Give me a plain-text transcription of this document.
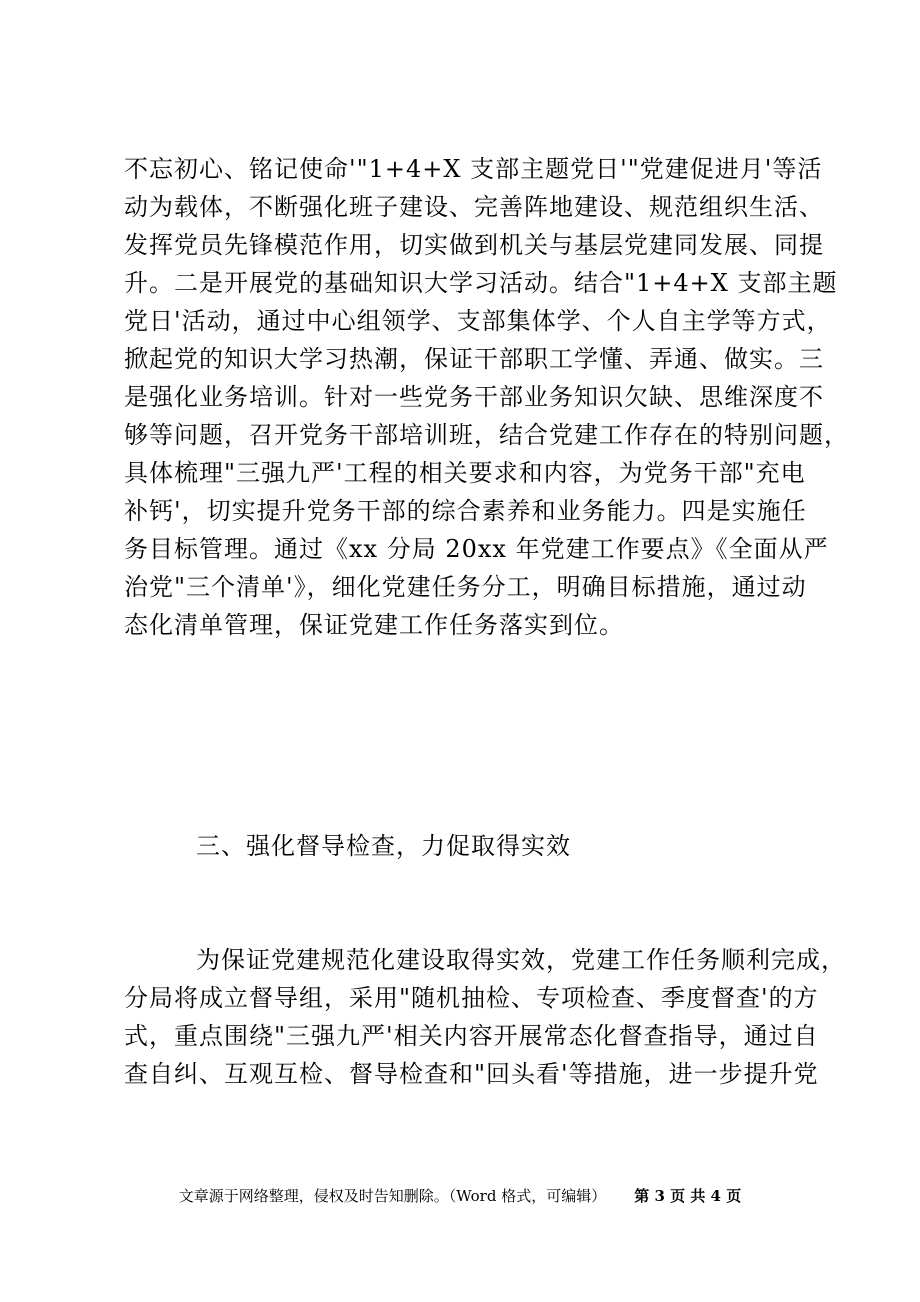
不忘初心、铭记使命'"1+4+X 支部主题党日'"党建促进月'等活
动为载体，不断强化班子建设、完善阵地建设、规范组织生活、
发挥党员先锋模范作用，切实做到机关与基层党建同发展、同提
升。二是开展党的基础知识大学习活动。结合"1+4+X 支部主题
党日'活动，通过中心组领学、支部集体学、个人自主学等方式，
掀起党的知识大学习热潮，保证干部职工学懂、弄通、做实。三
是强化业务培训。针对一些党务干部业务知识欠缺、思维深度不
够等问题，召开党务干部培训班，结合党建工作存在的特别问题，
具体梳理"三强九严'工程的相关要求和内容，为党务干部"充电
补钙'，切实提升党务干部的综合素养和业务能力。四是实施任
务目标管理。通过《xx 分局 20xx 年党建工作要点》《全面从严
治党"三个清单'》，细化党建任务分工，明确目标措施，通过动
态化清单管理，保证党建工作任务落实到位。
三、强化督导检查，力促取得实效
为保证党建规范化建设取得实效，党建工作任务顺利完成，
分局将成立督导组，采用"随机抽检、专项检查、季度督查'的方
式，重点围绕"三强九严'相关内容开展常态化督查指导，通过自
查自纠、互观互检、督导检查和"回头看'等措施，进一步提升党
文章源于网络整理，侵权及时告知删除。（Word 格式，可编辑） 第 3 页 共 4 页
